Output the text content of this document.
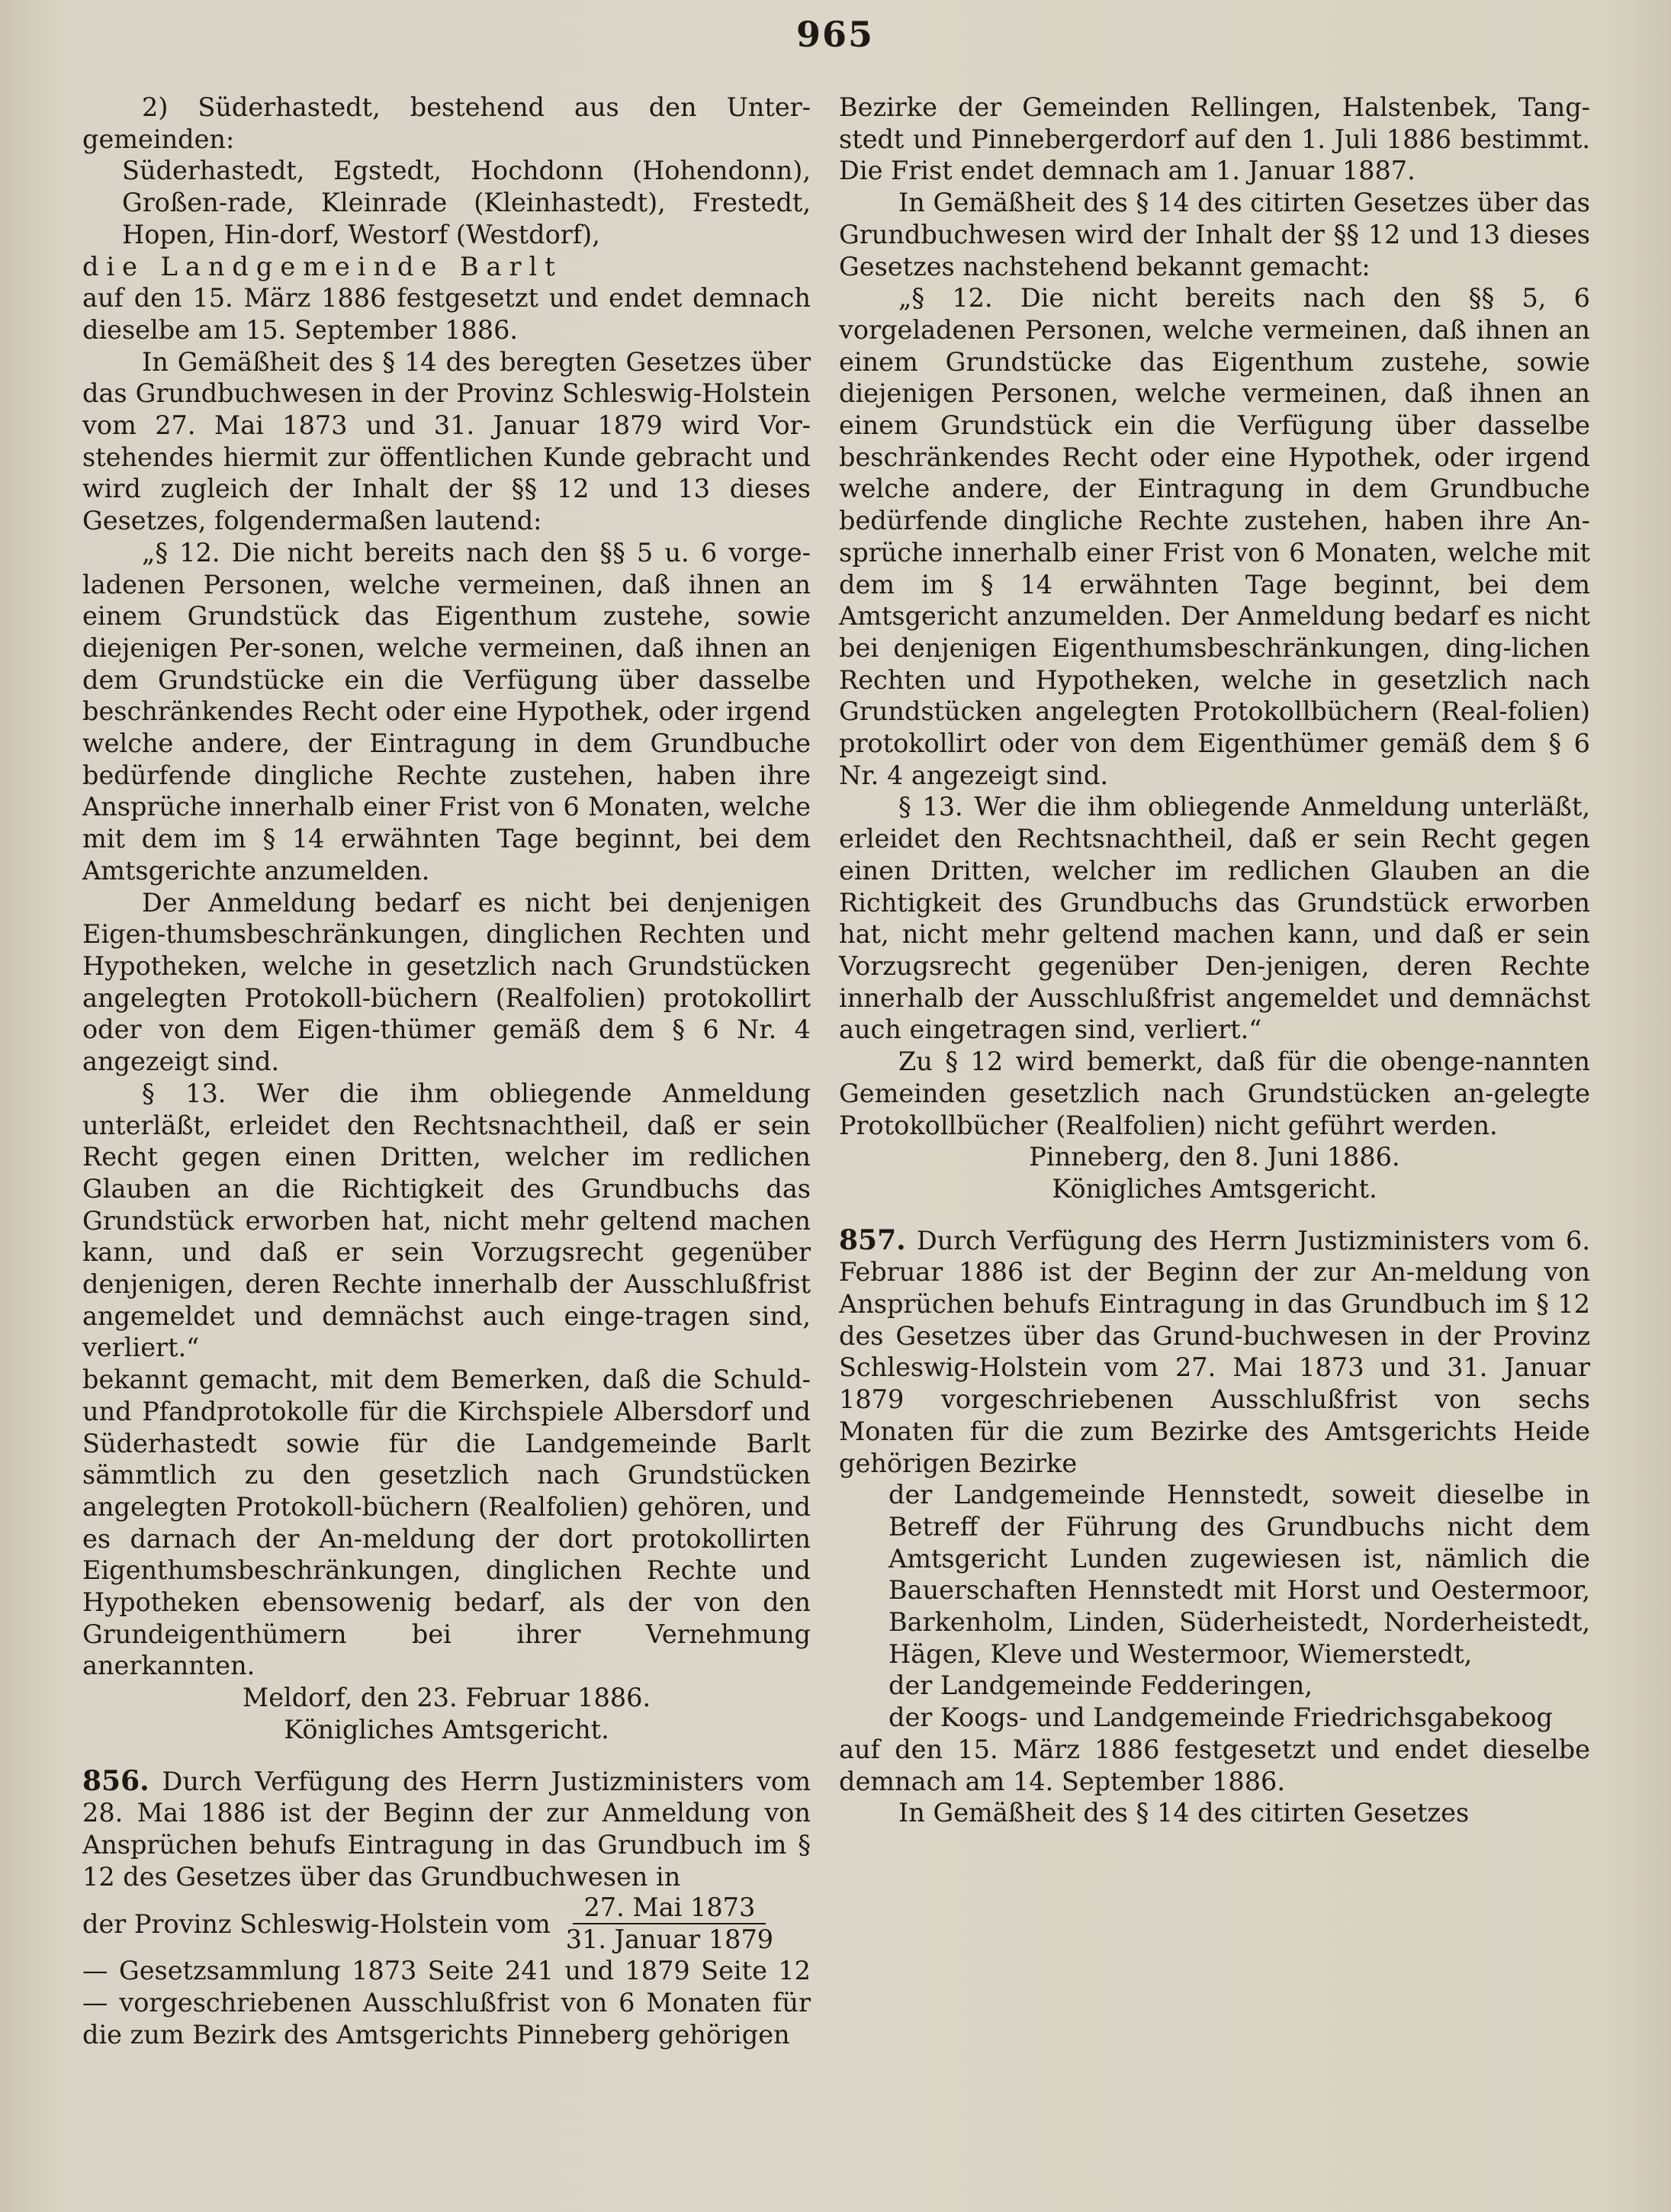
965

2) Süderhastedt, bestehend aus den Unter-gemeinden:

Süderhastedt, Egstedt, Hochdonn (Hohendonn), Großen-rade, Kleinrade (Kleinhastedt), Frestedt, Hopen, Hin-dorf, Westorf (Westdorf),

die Landgemeinde Barlt

auf den 15. März 1886 festgesetzt und endet demnach dieselbe am 15. September 1886.

In Gemäßheit des § 14 des beregten Gesetzes über das Grundbuchwesen in der Provinz Schleswig-Holstein vom 27. Mai 1873 und 31. Januar 1879 wird Vor-stehendes hiermit zur öffentlichen Kunde gebracht und wird zugleich der Inhalt der §§ 12 und 13 dieses Gesetzes, folgendermaßen lautend:

„§ 12. Die nicht bereits nach den §§ 5 u. 6 vorge-ladenen Personen, welche vermeinen, daß ihnen an einem Grundstück das Eigenthum zustehe, sowie diejenigen Per-sonen, welche vermeinen, daß ihnen an dem Grundstücke ein die Verfügung über dasselbe beschränkendes Recht oder eine Hypothek, oder irgend welche andere, der Eintragung in dem Grundbuche bedürfende dingliche Rechte zustehen, haben ihre Ansprüche innerhalb einer Frist von 6 Monaten, welche mit dem im § 14 erwähnten Tage beginnt, bei dem Amtsgerichte anzumelden.

Der Anmeldung bedarf es nicht bei denjenigen Eigen-thumsbeschränkungen, dinglichen Rechten und Hypotheken, welche in gesetzlich nach Grundstücken angelegten Protokoll-büchern (Realfolien) protokollirt oder von dem Eigen-thümer gemäß dem § 6 Nr. 4 angezeigt sind.

§ 13. Wer die ihm obliegende Anmeldung unterläßt, erleidet den Rechtsnachtheil, daß er sein Recht gegen einen Dritten, welcher im redlichen Glauben an die Richtigkeit des Grundbuchs das Grundstück erworben hat, nicht mehr geltend machen kann, und daß er sein Vorzugsrecht gegenüber denjenigen, deren Rechte innerhalb der Ausschlußfrist angemeldet und demnächst auch einge-tragen sind, verliert.“

bekannt gemacht, mit dem Bemerken, daß die Schuld- und Pfandprotokolle für die Kirchspiele Albersdorf und Süderhastedt sowie für die Landgemeinde Barlt sämmtlich zu den gesetzlich nach Grundstücken angelegten Protokoll-büchern (Realfolien) gehören, und es darnach der An-meldung der dort protokollirten Eigenthumsbeschränkungen, dinglichen Rechte und Hypotheken ebensowenig bedarf, als der von den Grundeigenthümern bei ihrer Vernehmung anerkannten.

Meldorf, den 23. Februar 1886.

Königliches Amtsgericht.

856. Durch Verfügung des Herrn Justizministers vom 28. Mai 1886 ist der Beginn der zur Anmeldung von Ansprüchen behufs Eintragung in das Grundbuch im § 12 des Gesetzes über das Grundbuchwesen in

der Provinz Schleswig-Holstein vom $\frac{\text{27. Mai 1873}}{\text{31. Januar 1879}}$

— Gesetzsammlung 1873 Seite 241 und 1879 Seite 12 — vorgeschriebenen Ausschlußfrist von 6 Monaten für die zum Bezirk des Amtsgerichts Pinneberg gehörigen

Bezirke der Gemeinden Rellingen, Halstenbek, Tang-stedt und Pinnebergerdorf auf den 1. Juli 1886 bestimmt. Die Frist endet demnach am 1. Januar 1887.

In Gemäßheit des § 14 des citirten Gesetzes über das Grundbuchwesen wird der Inhalt der §§ 12 und 13 dieses Gesetzes nachstehend bekannt gemacht:

„§ 12. Die nicht bereits nach den §§ 5, 6 vorgeladenen Personen, welche vermeinen, daß ihnen an einem Grundstücke das Eigenthum zustehe, sowie diejenigen Personen, welche vermeinen, daß ihnen an einem Grundstück ein die Verfügung über dasselbe beschränkendes Recht oder eine Hypothek, oder irgend welche andere, der Eintragung in dem Grundbuche bedürfende dingliche Rechte zustehen, haben ihre An-sprüche innerhalb einer Frist von 6 Monaten, welche mit dem im § 14 erwähnten Tage beginnt, bei dem Amtsgericht anzumelden. Der Anmeldung bedarf es nicht bei denjenigen Eigenthumsbeschränkungen, ding-lichen Rechten und Hypotheken, welche in gesetzlich nach Grundstücken angelegten Protokollbüchern (Real-folien) protokollirt oder von dem Eigenthümer gemäß dem § 6 Nr. 4 angezeigt sind.

§ 13. Wer die ihm obliegende Anmeldung unterläßt, erleidet den Rechtsnachtheil, daß er sein Recht gegen einen Dritten, welcher im redlichen Glauben an die Richtigkeit des Grundbuchs das Grundstück erworben hat, nicht mehr geltend machen kann, und daß er sein Vorzugsrecht gegenüber Den-jenigen, deren Rechte innerhalb der Ausschlußfrist angemeldet und demnächst auch eingetragen sind, verliert.“

Zu § 12 wird bemerkt, daß für die obenge-nannten Gemeinden gesetzlich nach Grundstücken an-gelegte Protokollbücher (Realfolien) nicht geführt werden.

Pinneberg, den 8. Juni 1886.

Königliches Amtsgericht.

857. Durch Verfügung des Herrn Justizministers vom 6. Februar 1886 ist der Beginn der zur An-meldung von Ansprüchen behufs Eintragung in das Grundbuch im § 12 des Gesetzes über das Grund-buchwesen in der Provinz Schleswig-Holstein vom 27. Mai 1873 und 31. Januar 1879 vorgeschriebenen Ausschlußfrist von sechs Monaten für die zum Bezirke des Amtsgerichts Heide gehörigen Bezirke

der Landgemeinde Hennstedt, soweit dieselbe in Betreff der Führung des Grundbuchs nicht dem Amtsgericht Lunden zugewiesen ist, nämlich die Bauerschaften Hennstedt mit Horst und Oestermoor, Barkenholm, Linden, Süderheistedt, Norderheistedt, Hägen, Kleve und Westermoor, Wiemerstedt,

der Landgemeinde Fedderingen,

der Koogs- und Landgemeinde Friedrichsgabekoog

auf den 15. März 1886 festgesetzt und endet dieselbe demnach am 14. September 1886.

In Gemäßheit des § 14 des citirten Gesetzes
